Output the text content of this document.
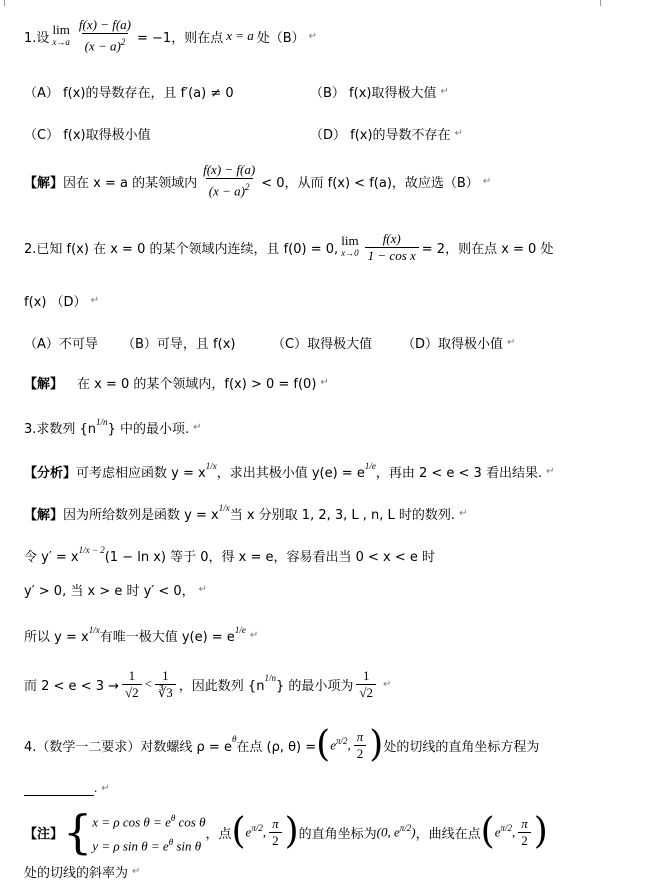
1.设
lim
$x\to a \frac{f(x) - f(a)}{(x - a)^2} = -1$，则在点 x = a 处（B） ↵
（A） f(x)的导数存在，且 f′(a) ≠ 0	（B） f(x)取得极大值 ↵
（C） f(x)取得极小值	（D） f(x)的导数不存在 ↵
【解】 因在 x = a 的某领域内 $\frac{f(x) - f(a)}{(x - a)^2} < 0$，从而 f(x) < f(a)，故应选（B） ↵
2.已知 f(x) 在 x = 0 的某个领域内连续，且 f(0) = 0,
lim
$x\to 0 \frac{f(x)}{\text{1 − cos x}} = 2$，则在点 x = 0 处
f(x) （D） ↵
（A）不可导	（B）可导，且 f(x)	（C）取得极大值	（D）取得极小值 ↵
【解】 在 x = 0 的某个领域内，f(x) > 0 = f(0) ↵
3.求数列 {n
$^{1/n}$
} 中的最小项. ↵
【分析】 可考虑相应函数 y = x
$^{1/x}$
，求出其极小值 y(e) = e
$^{1/e}$
，再由 2 < e < 3 看出结果. ↵
【解】 因为所给数列是函数 y = x
$^{1/x}$
当 x 分别取 1, 2, 3, L , n, L 时的数列. ↵
令 y′ = x
$^{1/x - 2}$
(1 − ln x) 等于 0，得 x = e，容易看出当 0 < x < e 时
y′ > 0, 当 x > e 时 y′ < 0， ↵
所以 y = x
$^{1/x}$
有唯一极大值 y(e) = e
$^{1/e}$
↵
而 $2 < e < 3 \to \frac{1}{√2} < \frac{1}{∛3}$ ，因此数列 {n
$^{1/n}$
} 的最小项为 $\frac{1}{√2}$ ↵
4.（数学一二要求）对数螺线 ρ = e
$^\theta$
在点 (ρ, θ) = ( $e^{\pi/2}$, $\frac{\pi}{2}$ ) 处的切线的直角坐标方程为
. ↵
【注】 { x = ρ $\cos \theta = e^\theta$ cos θ
y = ρ $\sin \theta = e^\theta$ sin θ
，点 ( $e^{\pi/2}$, $\frac{\pi}{2}$ ) 的直角坐标为 (0, $e^{\pi/2}$) ，曲线在点 ( $e^{\pi/2}$, $\frac{\pi}{2}$ )
处的切线的斜率为 ↵
